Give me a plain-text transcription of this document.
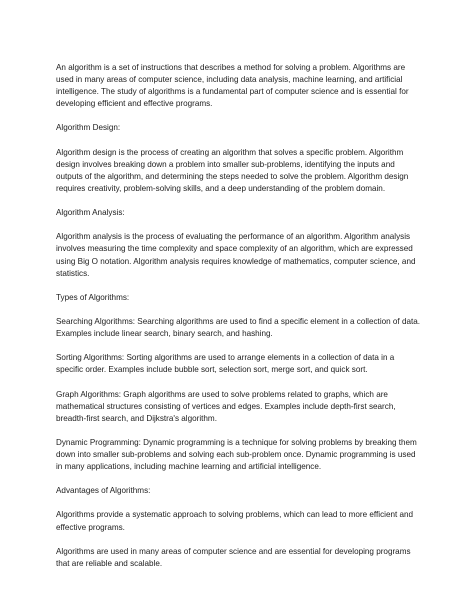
An algorithm is a set of instructions that describes a method for solving a problem. Algorithms are used in many areas of computer science, including data analysis, machine learning, and artificial intelligence. The study of algorithms is a fundamental part of computer science and is essential for developing efficient and effective programs.

Algorithm Design:

Algorithm design is the process of creating an algorithm that solves a specific problem. Algorithm design involves breaking down a problem into smaller sub-problems, identifying the inputs and outputs of the algorithm, and determining the steps needed to solve the problem. Algorithm design requires creativity, problem-solving skills, and a deep understanding of the problem domain.

Algorithm Analysis:

Algorithm analysis is the process of evaluating the performance of an algorithm. Algorithm analysis involves measuring the time complexity and space complexity of an algorithm, which are expressed using Big O notation. Algorithm analysis requires knowledge of mathematics, computer science, and statistics.

Types of Algorithms:

Searching Algorithms: Searching algorithms are used to find a specific element in a collection of data. Examples include linear search, binary search, and hashing.

Sorting Algorithms: Sorting algorithms are used to arrange elements in a collection of data in a specific order. Examples include bubble sort, selection sort, merge sort, and quick sort.

Graph Algorithms: Graph algorithms are used to solve problems related to graphs, which are mathematical structures consisting of vertices and edges. Examples include depth-first search, breadth-first search, and Dijkstra's algorithm.

Dynamic Programming: Dynamic programming is a technique for solving problems by breaking them down into smaller sub-problems and solving each sub-problem once. Dynamic programming is used in many applications, including machine learning and artificial intelligence.

Advantages of Algorithms:

Algorithms provide a systematic approach to solving problems, which can lead to more efficient and effective programs.

Algorithms are used in many areas of computer science and are essential for developing programs that are reliable and scalable.
